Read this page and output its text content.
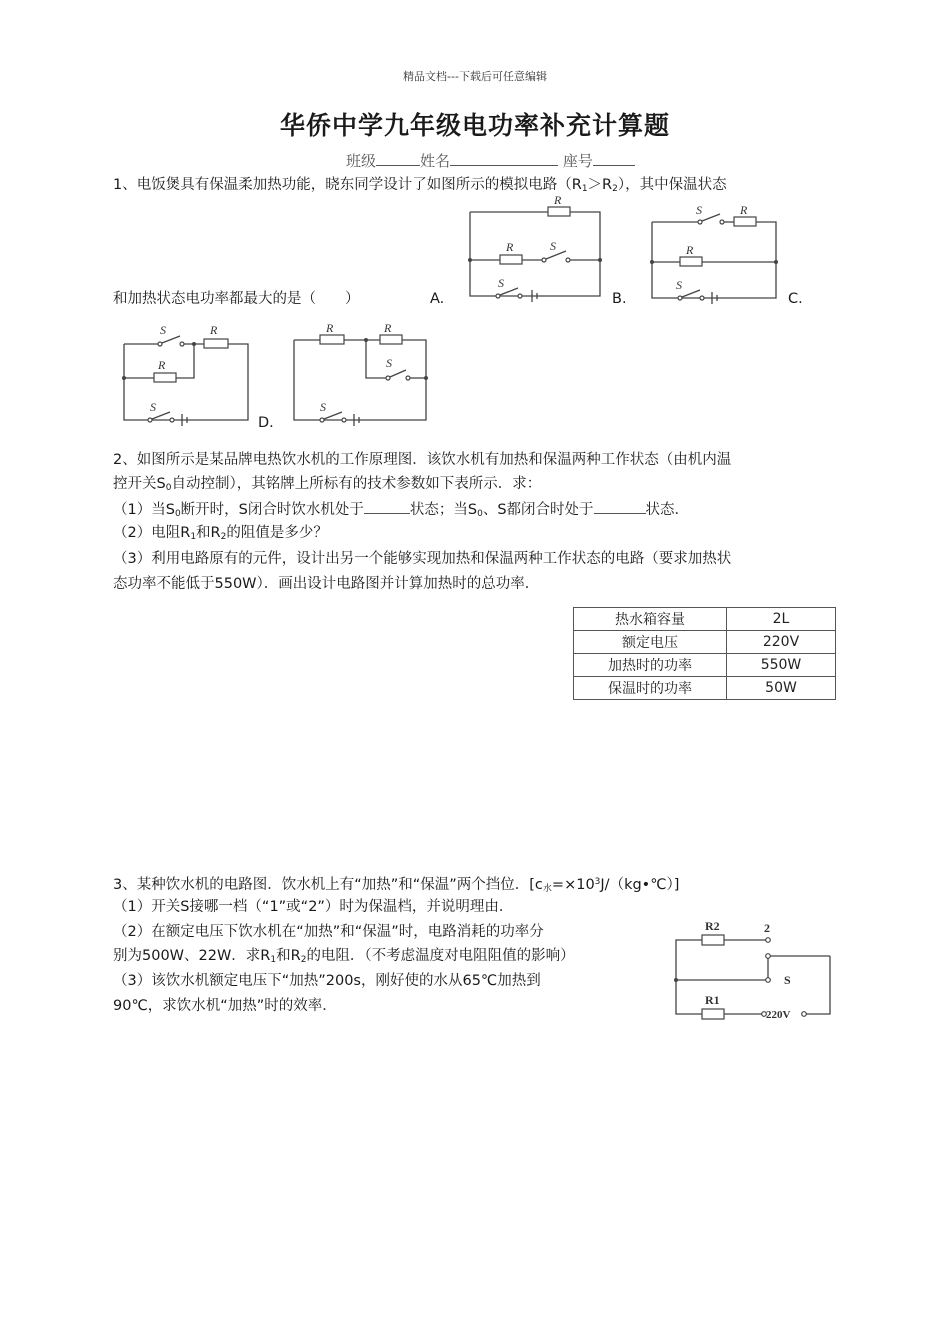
精品文档---下载后可任意编辑
华侨中学九年级电功率补充计算题
班级	姓名	座号
1、电饭煲具有保温柔加热功能，晓东同学设计了如图所示的模拟电路$(R_1>R_2)$，其中保温状态
和加热状态电功率都最大的是（　　）	A.	B.	C.
D.
R
R	S
S
S	R
R
S
S	R
R
S
R	R
S
S
2、如图所示是某品牌电热饮水机的工作原理图．该饮水机有加热和保温两种工作状态（由机内温
控开关$S_0$自动控制），其铭牌上所标有的技术参数如下表所示．求：
（1）当$S_0$断开时，S闭合时饮水机处于	状态；当$S_0$、S都闭合时处于	状态．
（2）电阻$R_1$和$R_2$的阻值是多少？
（3）利用电路原有的元件，设计出另一个能够实现加热和保温两种工作状态的电路（要求加热状
态功率不能低于550W）．画出设计电路图并计算加热时的总功率．
热水箱容量	2L
额定电压	220V
加热时的功率	550W
保温时的功率	50W
3、某种饮水机的电路图．饮水机上有“加热”和“保温”两个挡位．$[c_水=\times 10^3J/(kg•℃)]$
（1）开关S接哪一档（“1”或“2”）时为保温档，并说明理由．
（2）在额定电压下饮水机在“加热”和“保温”时，电路消耗的功率分
别为500W、22W．求$R_1$和$R_2$的电阻．（不考虑温度对电阻阻值的影响）
（3）该饮水机额定电压下“加热”200s，刚好使的水从65℃加热到
90℃，求饮水机“加热”时的效率．
R2	2
S
R1
220V
